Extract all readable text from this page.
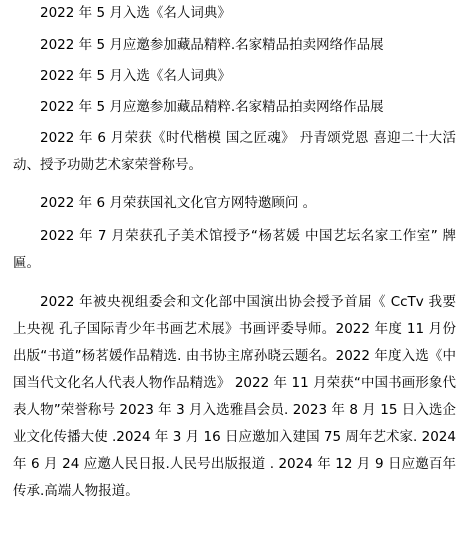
2022 年 5 月入选《名人词典》

2022 年 5 月应邀参加藏品精粹.名家精品拍卖网络作品展

2022 年 5 月入选《名人词典》

2022 年 5 月应邀参加藏品精粹.名家精品拍卖网络作品展

2022 年 6 月荣获《时代楷模 国之匠魂》 丹青颂党恩 喜迎二十大活动、授予功勋艺术家荣誉称号。

2022 年 6 月荣获国礼文化官方网特邀顾问 。

2022 年 7 月荣获孔子美术馆授予“杨茗媛 中国艺坛名家工作室” 牌匾。

2022 年被央视组委会和文化部中国演出协会授予首届《 CcTv 我要上央视 孔子国际青少年书画艺术展》书画评委导师。2022 年度 11 月份出版“书道”杨茗媛作品精选. 由书协主席孙晓云题名。2022 年度入选《中国当代文化名人代表人物作品精选》 2022 年 11 月荣获“中国书画形象代表人物”荣誉称号 2023 年 3 月入选雅昌会员. 2023 年 8 月 15 日入选企业文化传播大使 .2024 年 3 月 16 日应邀加入建国 75 周年艺术家. 2024 年 6 月 24 应邀人民日报.人民号出版报道 . 2024 年 12 月 9 日应邀百年传承.高端人物报道。
